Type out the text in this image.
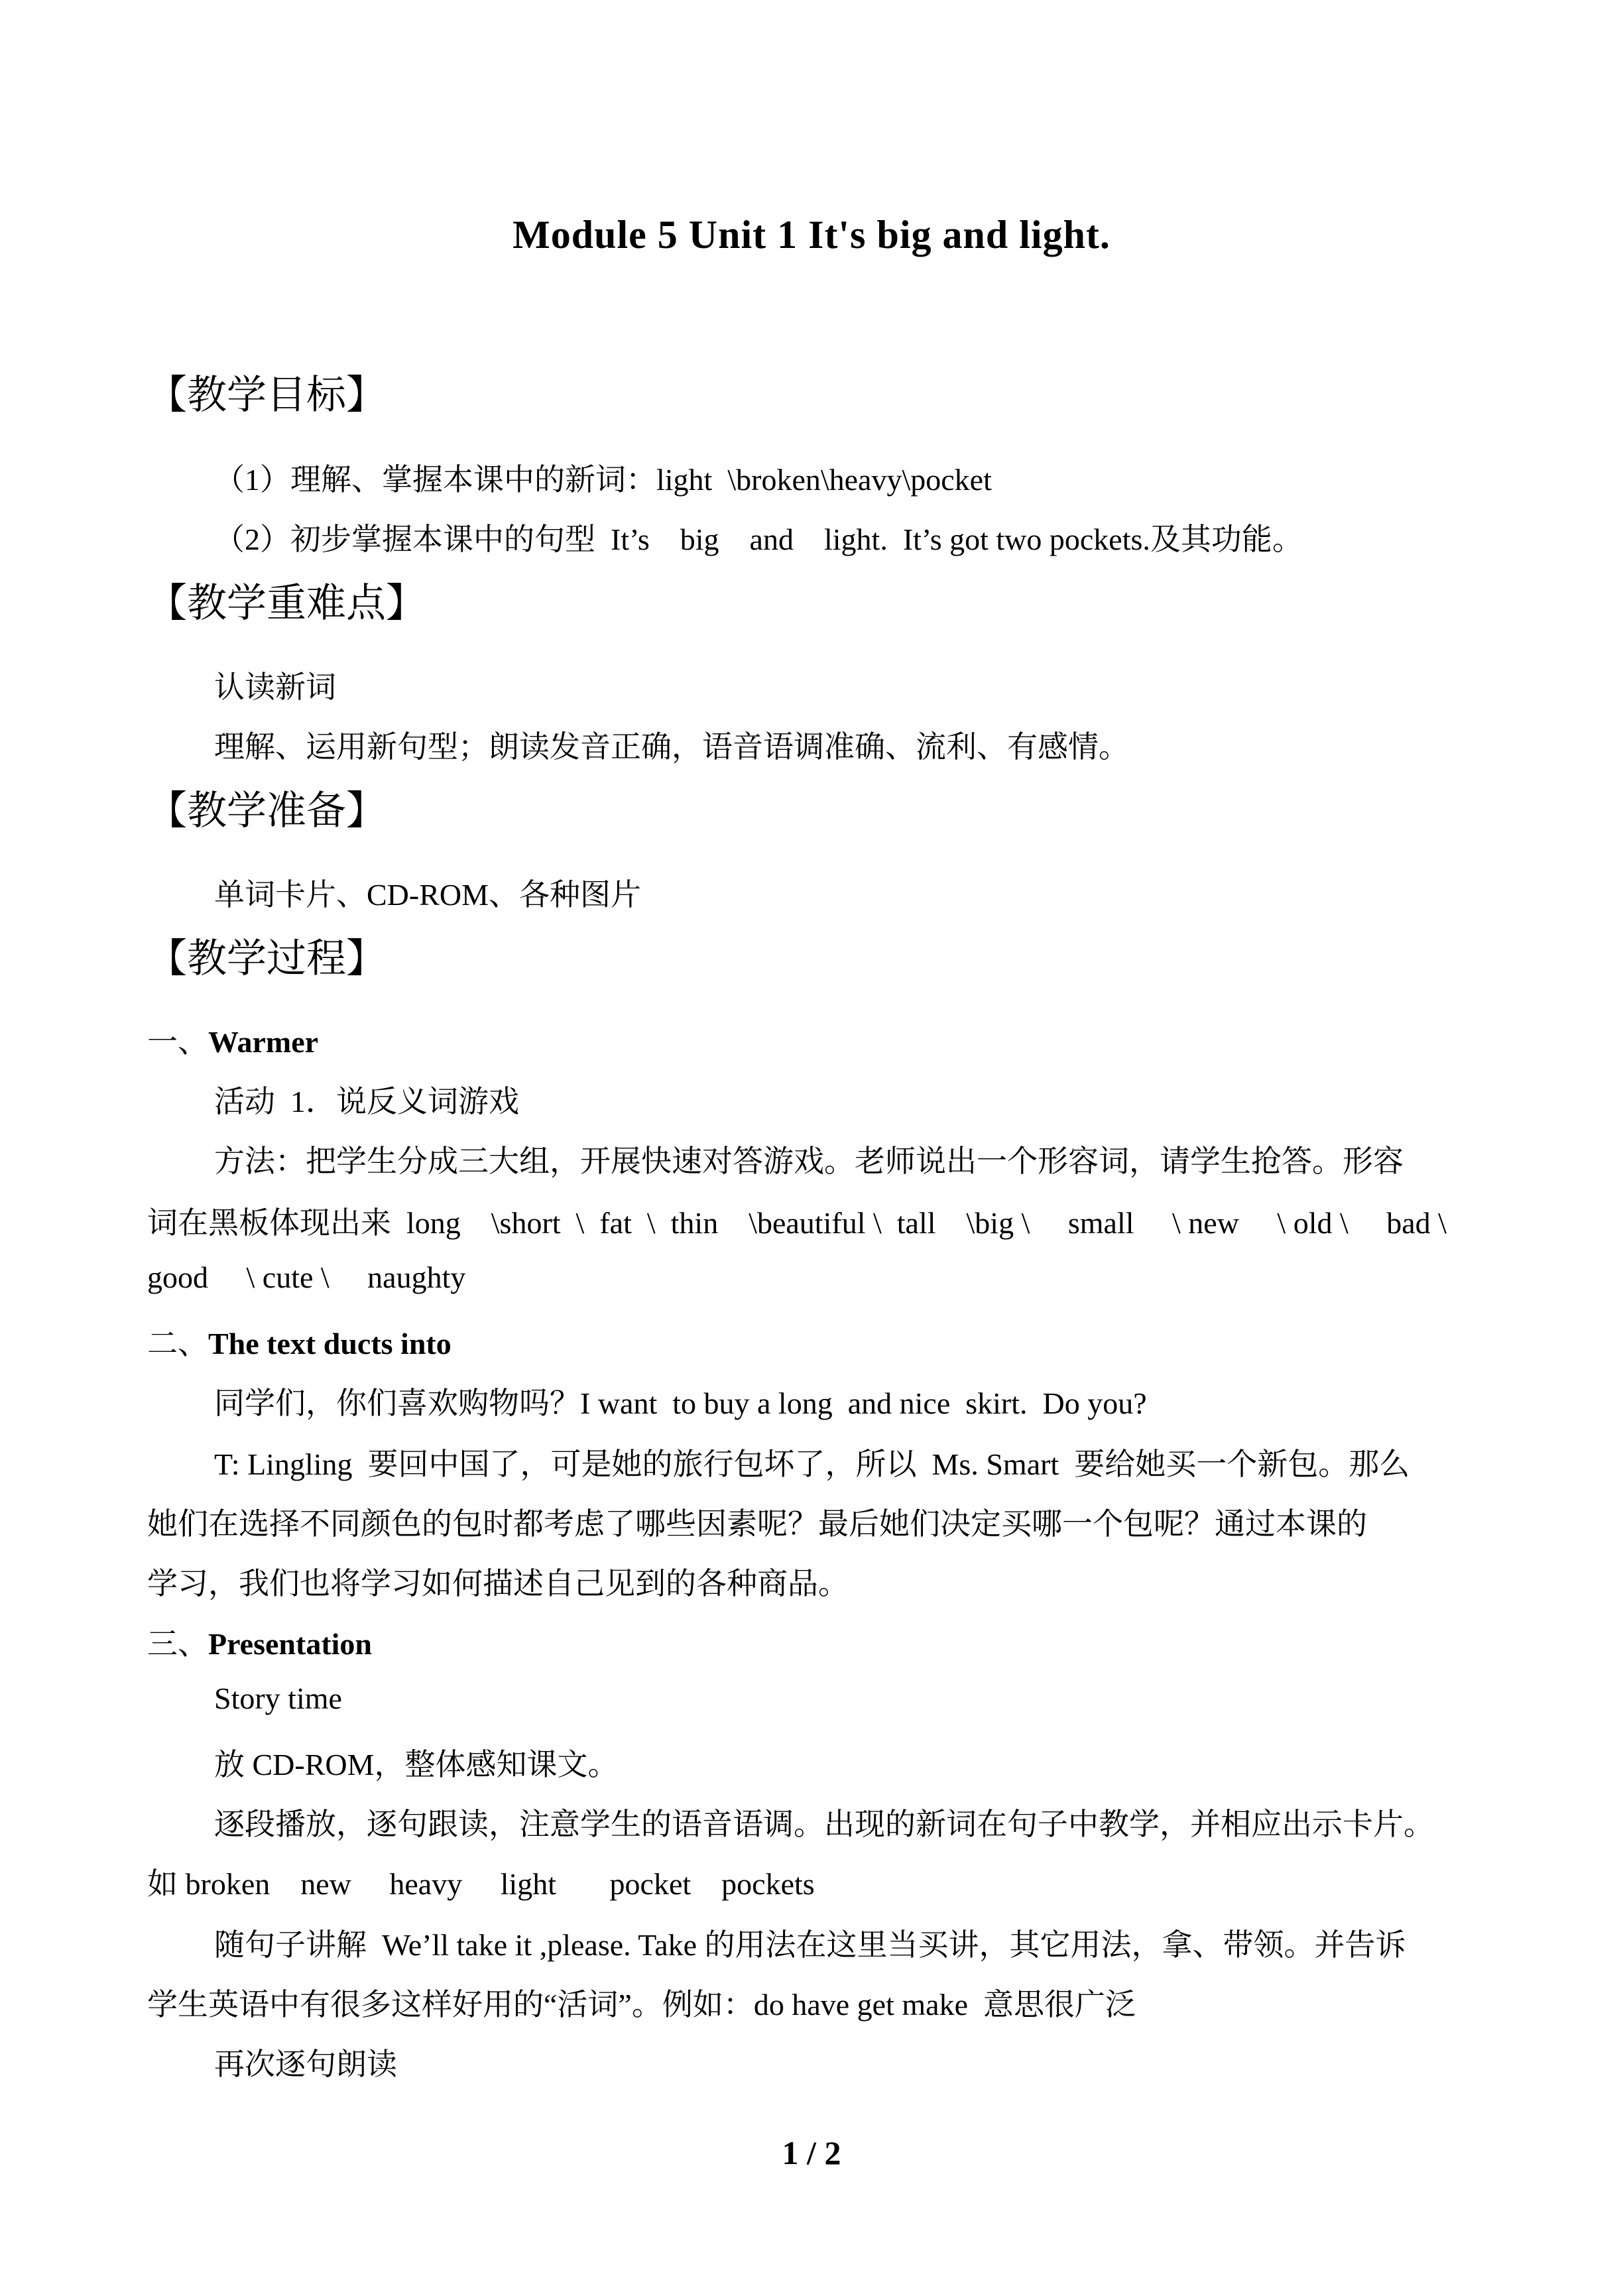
Module 5 Unit 1 It's big and light.
【教学目标】
（1）理解、掌握本课中的新词：light  \broken\heavy\pocket
（2）初步掌握本课中的句型  It’s    big    and    light.  It’s got two pockets.及其功能。
【教学重难点】
认读新词
理解、运用新句型；朗读发音正确，语音语调准确、流利、有感情。
【教学准备】
单词卡片、CD-ROM、各种图片
【教学过程】
一、Warmer
活动  1．说反义词游戏
方法：把学生分成三大组，开展快速对答游戏。老师说出一个形容词，请学生抢答。形容
词在黑板体现出来  long    \short  \  fat  \  thin    \beautiful \  tall    \big \     small     \ new     \ old \     bad \
good     \ cute \     naughty
二、The text ducts into
同学们，你们喜欢购物吗？I want  to buy a long  and nice  skirt.  Do you?
T: Lingling  要回中国了，可是她的旅行包坏了，所以  Ms. Smart  要给她买一个新包。那么
她们在选择不同颜色的包时都考虑了哪些因素呢？最后她们决定买哪一个包呢？通过本课的
学习，我们也将学习如何描述自己见到的各种商品。
三、Presentation
Story time
放 CD-ROM，整体感知课文。
逐段播放，逐句跟读，注意学生的语音语调。出现的新词在句子中教学，并相应出示卡片。
如 broken    new     heavy     light       pocket    pockets
随句子讲解  We’ll take it ,please. Take 的用法在这里当买讲，其它用法，拿、带领。并告诉
学生英语中有很多这样好用的“活词”。例如：do have get make  意思很广泛
再次逐句朗读
1 / 2
